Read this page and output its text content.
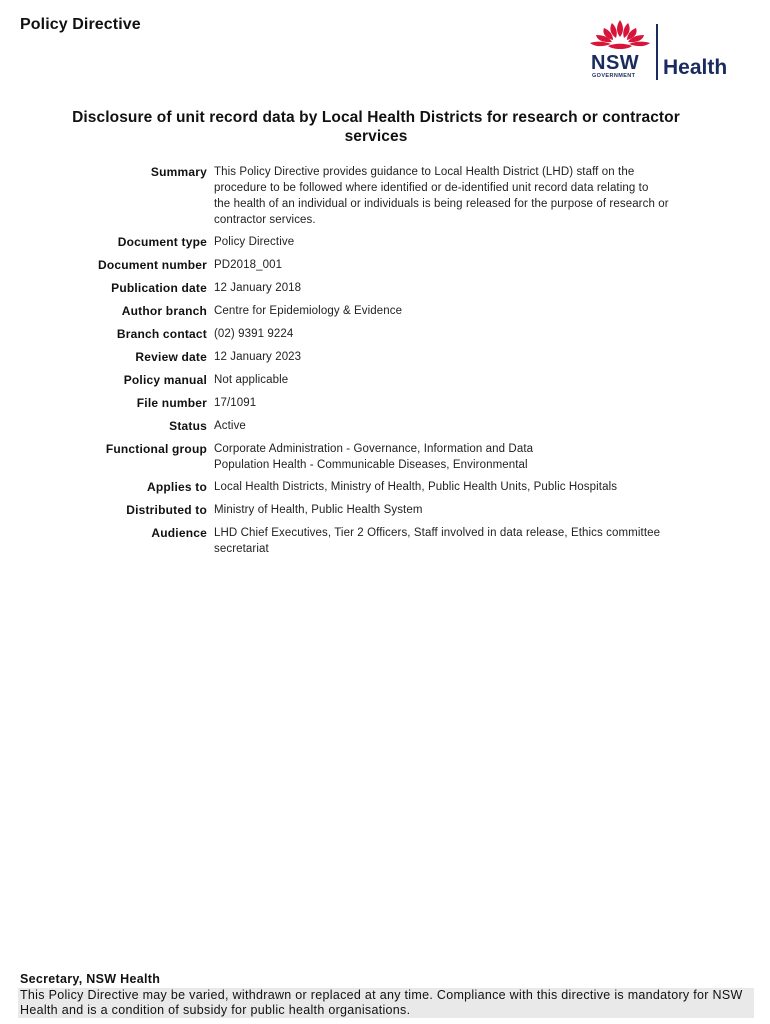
Policy Directive
NSW
GOVERNMENT Health
Disclosure of unit record data by Local Health Districts for research or contractor services
Summary This Policy Directive provides guidance to Local Health District (LHD) staff on the
procedure to be followed where identified or de-identified unit record data relating to
the health of an individual or individuals is being released for the purpose of research or
contractor services.
Document type Policy Directive
Document number PD2018_001
Publication date 12 January 2018
Author branch Centre for Epidemiology & Evidence
Branch contact (02) 9391 9224
Review date 12 January 2023
Policy manual Not applicable
File number 17/1091
Status Active
Functional group Corporate Administration - Governance, Information and Data
Population Health - Communicable Diseases, Environmental
Applies to Local Health Districts, Ministry of Health, Public Health Units, Public Hospitals
Distributed to Ministry of Health, Public Health System
Audience LHD Chief Executives, Tier 2 Officers, Staff involved in data release, Ethics committee
secretariat
Secretary, NSW Health
This Policy Directive may be varied, withdrawn or replaced at any time. Compliance with this directive is mandatory for NSW Health and is a condition of subsidy for public health organisations.
